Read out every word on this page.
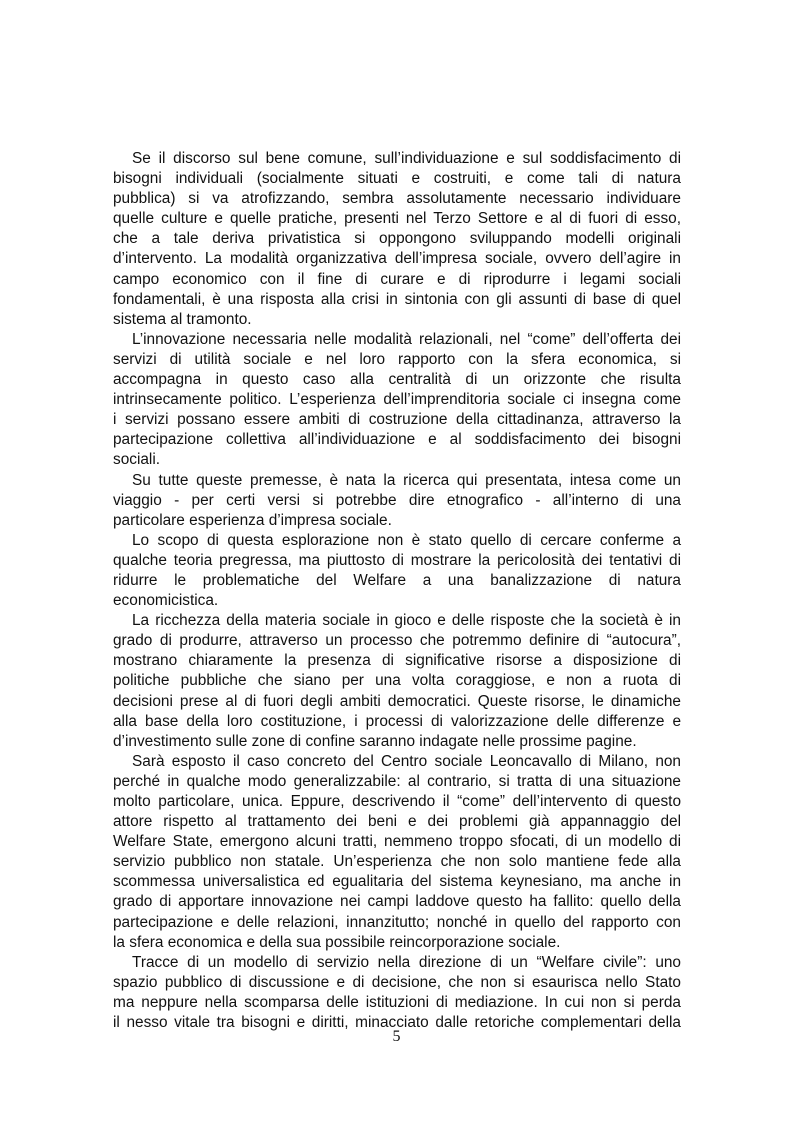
Se il discorso sul bene comune, sull’individuazione e sul soddisfacimento di
bisogni individuali (socialmente situati e costruiti, e come tali di natura
pubblica) si va atrofizzando, sembra assolutamente necessario individuare
quelle culture e quelle pratiche, presenti nel Terzo Settore e al di fuori di esso,
che a tale deriva privatistica si oppongono sviluppando modelli originali
d’intervento. La modalità organizzativa dell’impresa sociale, ovvero dell’agire in
campo economico con il fine di curare e di riprodurre i legami sociali
fondamentali, è una risposta alla crisi in sintonia con gli assunti di base di quel
sistema al tramonto.
L’innovazione necessaria nelle modalità relazionali, nel “come” dell’offerta dei
servizi di utilità sociale e nel loro rapporto con la sfera economica, si
accompagna in questo caso alla centralità di un orizzonte che risulta
intrinsecamente politico. L’esperienza dell’imprenditoria sociale ci insegna come
i servizi possano essere ambiti di costruzione della cittadinanza, attraverso la
partecipazione collettiva all’individuazione e al soddisfacimento dei bisogni
sociali.
Su tutte queste premesse, è nata la ricerca qui presentata, intesa come un
viaggio - per certi versi si potrebbe dire etnografico - all’interno di una
particolare esperienza d’impresa sociale.
Lo scopo di questa esplorazione non è stato quello di cercare conferme a
qualche teoria pregressa, ma piuttosto di mostrare la pericolosità dei tentativi di
ridurre le problematiche del Welfare a una banalizzazione di natura
economicistica.
La ricchezza della materia sociale in gioco e delle risposte che la società è in
grado di produrre, attraverso un processo che potremmo definire di “autocura”,
mostrano chiaramente la presenza di significative risorse a disposizione di
politiche pubbliche che siano per una volta coraggiose, e non a ruota di
decisioni prese al di fuori degli ambiti democratici. Queste risorse, le dinamiche
alla base della loro costituzione, i processi di valorizzazione delle differenze e
d’investimento sulle zone di confine saranno indagate nelle prossime pagine.
Sarà esposto il caso concreto del Centro sociale Leoncavallo di Milano, non
perché in qualche modo generalizzabile: al contrario, si tratta di una situazione
molto particolare, unica. Eppure, descrivendo il “come” dell’intervento di questo
attore rispetto al trattamento dei beni e dei problemi già appannaggio del
Welfare State, emergono alcuni tratti, nemmeno troppo sfocati, di un modello di
servizio pubblico non statale. Un’esperienza che non solo mantiene fede alla
scommessa universalistica ed egualitaria del sistema keynesiano, ma anche in
grado di apportare innovazione nei campi laddove questo ha fallito: quello della
partecipazione e delle relazioni, innanzitutto; nonché in quello del rapporto con
la sfera economica e della sua possibile reincorporazione sociale.
Tracce di un modello di servizio nella direzione di un “Welfare civile”: uno
spazio pubblico di discussione e di decisione, che non si esaurisca nello Stato
ma neppure nella scomparsa delle istituzioni di mediazione. In cui non si perda
il nesso vitale tra bisogni e diritti, minacciato dalle retoriche complementari della
5
